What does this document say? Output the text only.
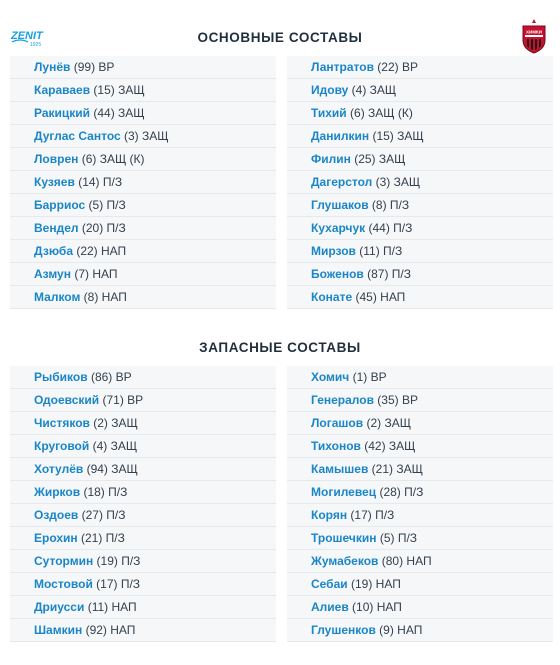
ZENIT
1925	ОСНОВНЫЕ СОСТАВЫ	ХИМКИ
Лунёв (99) ВР
Караваев (15) ЗАЩ
Ракицкий (44) ЗАЩ
Дуглас Сантос (3) ЗАЩ
Ловрен (6) ЗАЩ (К)
Кузяев (14) П/З
Барриос (5) П/З
Вендел (20) П/З
Дзюба (22) НАП
Азмун (7) НАП
Малком (8) НАП
Лантратов (22) ВР
Идову (4) ЗАЩ
Тихий (6) ЗАЩ (К)
Данилкин (15) ЗАЩ
Филин (25) ЗАЩ
Дагерстол (3) ЗАЩ
Глушаков (8) П/З
Кухарчук (44) П/З
Мирзов (11) П/З
Боженов (87) П/З
Конате (45) НАП
ЗАПАСНЫЕ СОСТАВЫ
Рыбиков (86) ВР
Одоевский (71) ВР
Чистяков (2) ЗАЩ
Круговой (4) ЗАЩ
Хотулёв (94) ЗАЩ
Жирков (18) П/З
Оздоев (27) П/З
Ерохин (21) П/З
Сутормин (19) П/З
Мостовой (17) П/З
Дриусси (11) НАП
Шамкин (92) НАП
Хомич (1) ВР
Генералов (35) ВР
Логашов (2) ЗАЩ
Тихонов (42) ЗАЩ
Камышев (21) ЗАЩ
Могилевец (28) П/З
Корян (17) П/З
Трошечкин (5) П/З
Жумабеков (80) НАП
Себаи (19) НАП
Алиев (10) НАП
Глушенков (9) НАП
